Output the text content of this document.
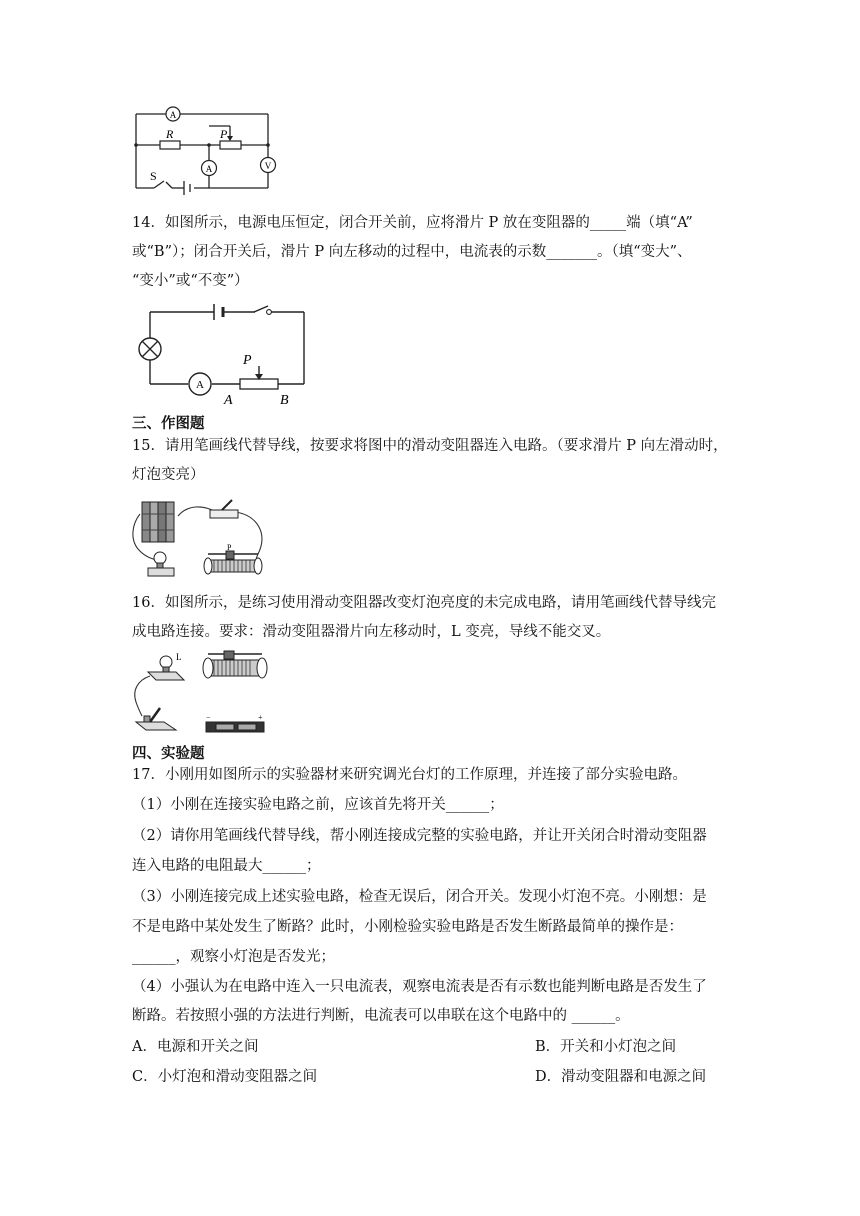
A
A	V
R	P
S
14．如图所示，电源电压恒定，闭合开关前，应将滑片 P 放在变阻器的_____端（填“A”
或“B”）；闭合开关后，滑片 P 向左移动的过程中，电流表的示数_______。（填“变大”、
“变小”或“不变”）
A
P
A	B
三、作图题
15．请用笔画线代替导线，按要求将图中的滑动变阻器连入电路。（要求滑片 P 向左滑动时，
灯泡变亮）
P
16．如图所示，是练习使用滑动变阻器改变灯泡亮度的未完成电路，请用笔画线代替导线完
成电路连接。要求：滑动变阻器滑片向左移动时，L 变亮，导线不能交叉。
L
−	+
四、实验题
17．小刚用如图所示的实验器材来研究调光台灯的工作原理，并连接了部分实验电路。
（1）小刚在连接实验电路之前，应该首先将开关______；
（2）请你用笔画线代替导线，帮小刚连接成完整的实验电路，并让开关闭合时滑动变阻器
连入电路的电阻最大______；
（3）小刚连接完成上述实验电路，检查无误后，闭合开关。发现小灯泡不亮。小刚想：是
不是电路中某处发生了断路？此时，小刚检验实验电路是否发生断路最简单的操作是：
______，观察小灯泡是否发光；
（4）小强认为在电路中连入一只电流表，观察电流表是否有示数也能判断电路是否发生了
断路。若按照小强的方法进行判断，电流表可以串联在这个电路中的 ______。
A．电源和开关之间	B．开关和小灯泡之间
C．小灯泡和滑动变阻器之间	D．滑动变阻器和电源之间
